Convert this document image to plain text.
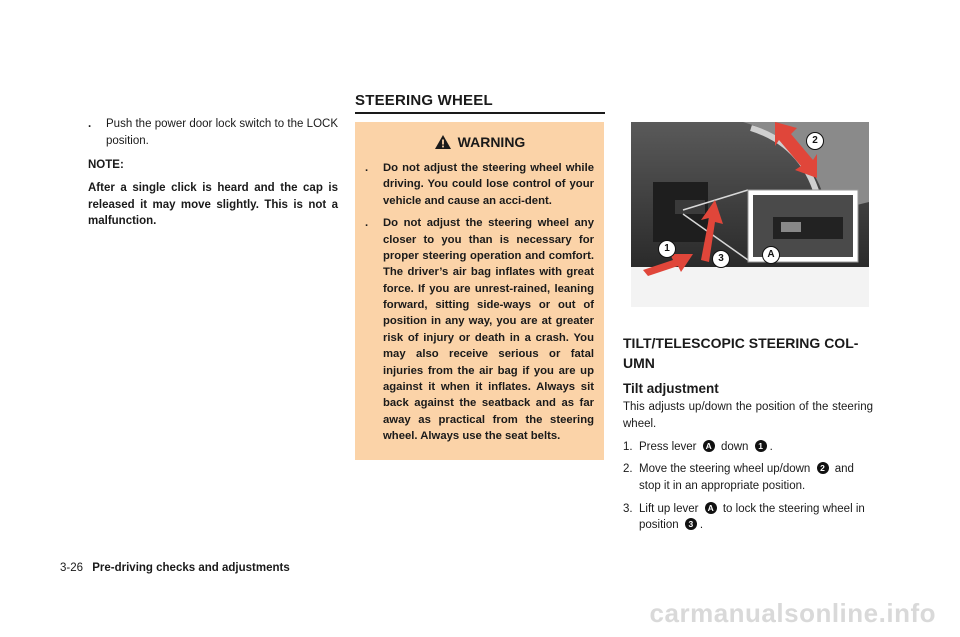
.	Push the power door lock switch to the LOCK position.
NOTE:
After a single click is heard and the cap is released it may move slightly. This is not a malfunction.
STEERING WHEEL
WARNING
.	Do not adjust the steering wheel while driving. You could lose control of your vehicle and cause an acci-dent.
.	Do not adjust the steering wheel any closer to you than is necessary for proper steering operation and comfort. The driver’s air bag inflates with great force. If you are unrest-rained, leaning forward, sitting side-ways or out of position in any way, you are at greater risk of injury or death in a crash. You may also receive serious or fatal injuries from the air bag if you are up against it when it inflates. Always sit back against the seatback and as far away as practical from the steering wheel. Always use the seat belts.
1
2
3	A
TILT/TELESCOPIC STEERING COL-UMN
Tilt adjustment
This adjusts up/down the position of the steering wheel.
1. Press lever A down 1 .
2. Move the steering wheel up/down 2 and stop it in an appropriate position.
3. Lift up lever A to lock the steering wheel in position 3 .
3-26 Pre-driving checks and adjustments
carmanualsonline.info
